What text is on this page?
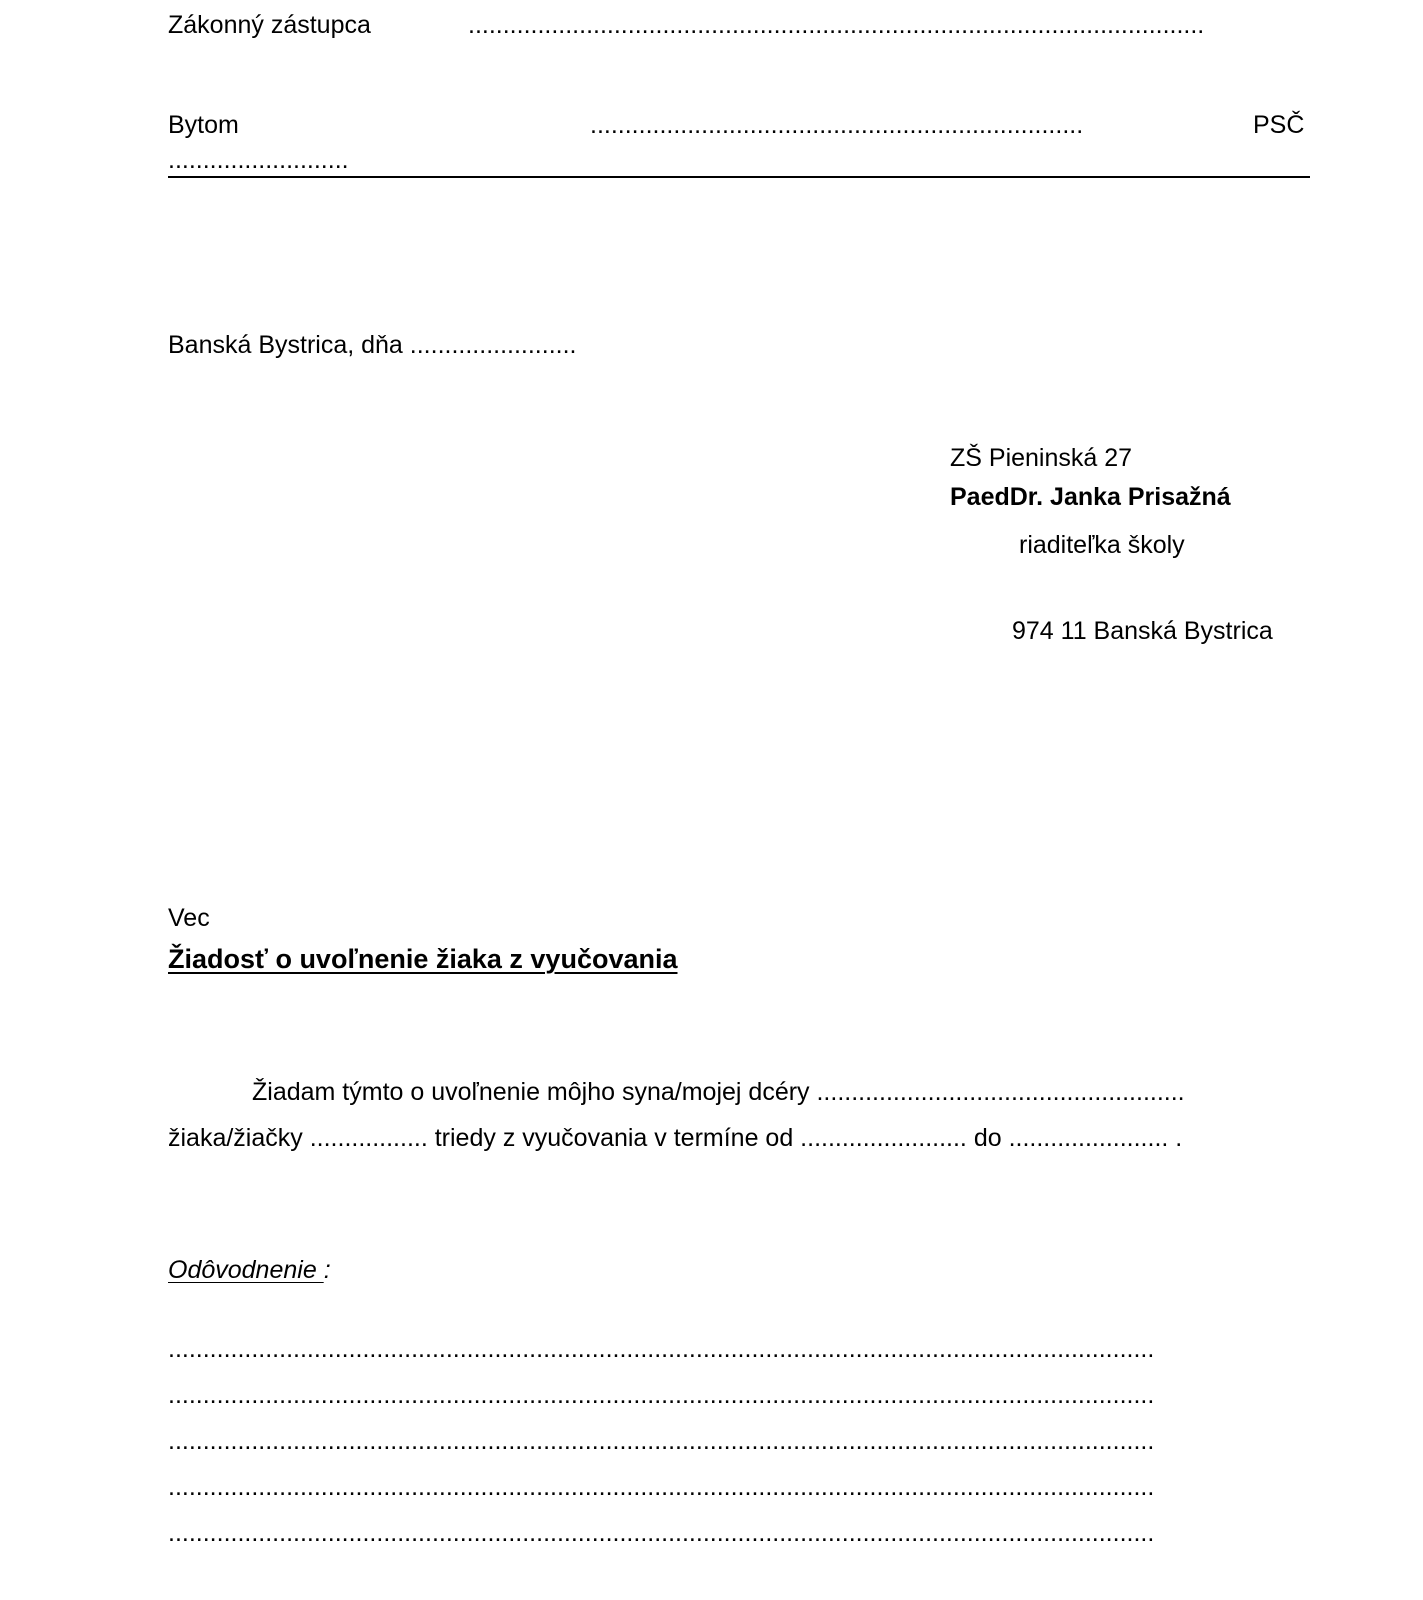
Zákonný zástupca	..........................................................................................................
Bytom	.......................................................................	PSČ
..........................
Banská Bystrica, dňa ........................
ZŠ Pieninská 27
PaedDr. Janka Prisažná
riaditeľka školy
974 11 Banská Bystrica
Vec
Žiadosť o uvoľnenie žiaka z vyučovania
Žiadam týmto o uvoľnenie môjho syna/mojej dcéry .....................................................
žiaka/žiačky ................. triedy z vyučovania v termíne od ........................ do ....................... .
Odôvodnenie :
..............................................................................................................................................
..............................................................................................................................................
..............................................................................................................................................
..............................................................................................................................................
..............................................................................................................................................
